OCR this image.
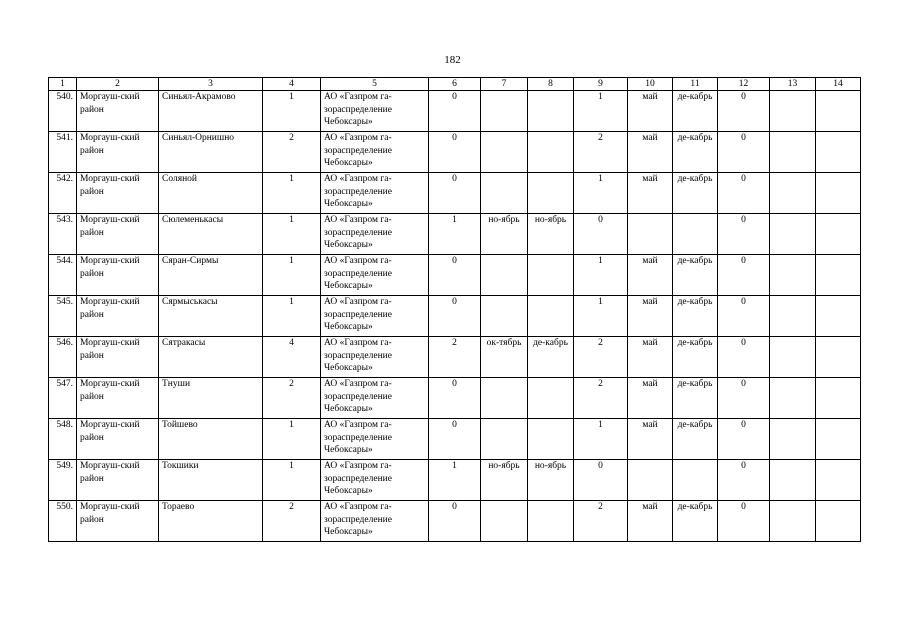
182
1	2	3	4	5	6	7	8	9	10	11	12	13	14
540.	Моргауш-ский район	Синьял-Акрамово	1	АО «Газпром га-зораспределение Чебоксары»	0			1	май	де-кабрь	0		
541.	Моргауш-ский район	Синьял-Орнишно	2	АО «Газпром га-зораспределение Чебоксары»	0			2	май	де-кабрь	0		
542.	Моргауш-ский район	Соляной	1	АО «Газпром га-зораспределение Чебоксары»	0			1	май	де-кабрь	0		
543.	Моргауш-ский район	Сюлеменькасы	1	АО «Газпром га-зораспределение Чебоксары»	1	но-ябрь	но-ябрь	0			0		
544.	Моргауш-ский район	Сяран-Сирмы	1	АО «Газпром га-зораспределение Чебоксары»	0			1	май	де-кабрь	0		
545.	Моргауш-ский район	Сярмыськасы	1	АО «Газпром га-зораспределение Чебоксары»	0			1	май	де-кабрь	0		
546.	Моргауш-ский район	Сятракасы	4	АО «Газпром га-зораспределение Чебоксары»	2	ок-тябрь	де-кабрь	2	май	де-кабрь	0		
547.	Моргауш-ский район	Тнуши	2	АО «Газпром га-зораспределение Чебоксары»	0			2	май	де-кабрь	0		
548.	Моргауш-ский район	Тойшево	1	АО «Газпром га-зораспределение Чебоксары»	0			1	май	де-кабрь	0		
549.	Моргауш-ский район	Токшики	1	АО «Газпром га-зораспределение Чебоксары»	1	но-ябрь	но-ябрь	0			0		
550.	Моргауш-ский район	Тораево	2	АО «Газпром га-зораспределение Чебоксары»	0			2	май	де-кабрь	0		
